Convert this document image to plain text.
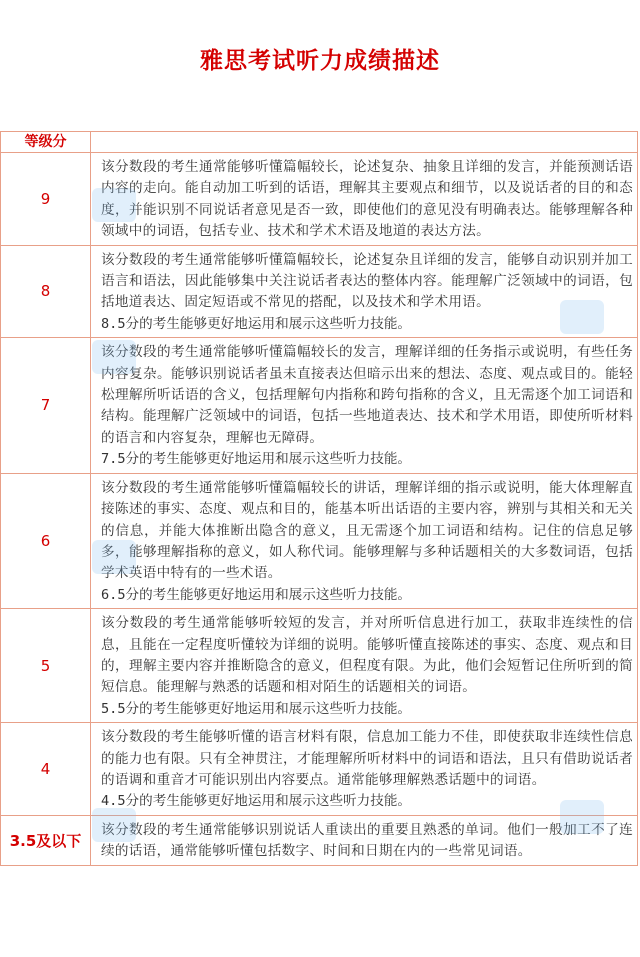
雅思考试听力成绩描述
等级分	
9	该分数段的考生通常能够听懂篇幅较长，论述复杂、抽象且详细的发言，并能预测话语内容的走向。能自动加工听到的话语，理解其主要观点和细节，以及说话者的目的和态度，并能识别不同说话者意见是否一致，即使他们的意见没有明确表达。能够理解各种领域中的词语，包括专业、技术和学术术语及地道的表达方法。

8	该分数段的考生通常能够听懂篇幅较长，论述复杂且详细的发言，能够自动识别并加工语言和语法，因此能够集中关注说话者表达的整体内容。能理解广泛领域中的词语，包括地道表达、固定短语或不常见的搭配，以及技术和学术用语。

8.5分的考生能够更好地运用和展示这些听力技能。

7	该分数段的考生通常能够听懂篇幅较长的发言，理解详细的任务指示或说明，有些任务内容复杂。能够识别说话者虽未直接表达但暗示出来的想法、态度、观点或目的。能轻松理解所听话语的含义，包括理解句内指称和跨句指称的含义，且无需逐个加工词语和结构。能理解广泛领域中的词语，包括一些地道表达、技术和学术用语，即使所听材料的语言和内容复杂，理解也无障碍。

7.5分的考生能够更好地运用和展示这些听力技能。

6	该分数段的考生通常能够听懂篇幅较长的讲话，理解详细的指示或说明，能大体理解直接陈述的事实、态度、观点和目的，能基本听出话语的主要内容，辨别与其相关和无关的信息，并能大体推断出隐含的意义，且无需逐个加工词语和结构。记住的信息足够多，能够理解指称的意义，如人称代词。能够理解与多种话题相关的大多数词语，包括学术英语中特有的一些术语。

6.5分的考生能够更好地运用和展示这些听力技能。

5	该分数段的考生通常能够听较短的发言，并对所听信息进行加工，获取非连续性的信息，且能在一定程度听懂较为详细的说明。能够听懂直接陈述的事实、态度、观点和目的，理解主要内容并推断隐含的意义，但程度有限。为此，他们会短暂记住所听到的简短信息。能理解与熟悉的话题和相对陌生的话题相关的词语。

5.5分的考生能够更好地运用和展示这些听力技能。

4	该分数段的考生能够听懂的语言材料有限，信息加工能力不佳，即使获取非连续性信息的能力也有限。只有全神贯注，才能理解所听材料中的词语和语法，且只有借助说话者的语调和重音才可能识别出内容要点。通常能够理解熟悉话题中的词语。

4.5分的考生能够更好地运用和展示这些听力技能。

3.5及以下	该分数段的考生通常能够识别说话人重读出的重要且熟悉的单词。他们一般加工不了连续的话语，通常能够听懂包括数字、时间和日期在内的一些常见词语。
